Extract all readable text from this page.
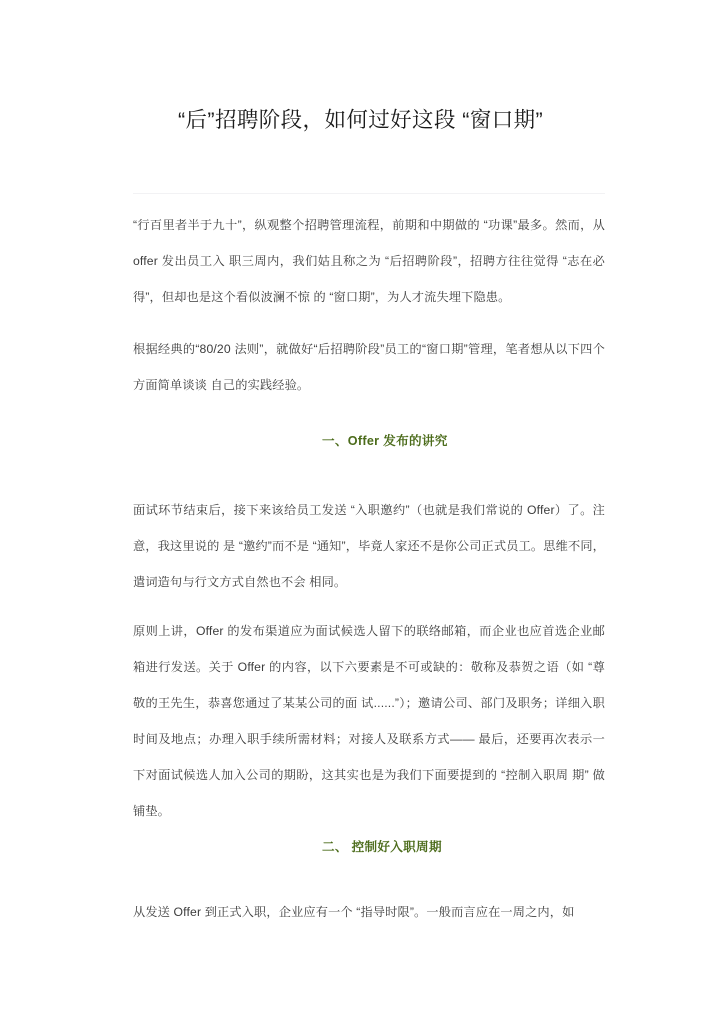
“后”招聘阶段，如何过好这段 “窗口期”

“行百里者半于九十”，纵观整个招聘管理流程，前期和中期做的 “功课”最多。然而，从 offer 发出员工入 职三周内，我们姑且称之为 “后招聘阶段”，招聘方往往觉得 “志在必得”，但却也是这个看似波澜不惊 的 “窗口期”，为人才流失埋下隐患。

根据经典的“80/20 法则”，就做好“后招聘阶段”员工的“窗口期”管理，笔者想从以下四个方面简单谈谈 自己的实践经验。

一、Offer 发布的讲究

面试环节结束后，接下来该给员工发送 “入职邀约”（也就是我们常说的 Offer）了。注意，我这里说的 是 “邀约”而不是 “通知”，毕竟人家还不是你公司正式员工。思维不同，遣词造句与行文方式自然也不会 相同。

原则上讲，Offer 的发布渠道应为面试候选人留下的联络邮箱，而企业也应首选企业邮箱进行发送。关于 Offer 的内容，以下六要素是不可或缺的：敬称及恭贺之语（如 “尊敬的王先生，恭喜您通过了某某公司的面 试......”）；邀请公司、部门及职务；详细入职时间及地点；办理入职手续所需材料；对接人及联系方式—— 最后，还要再次表示一下对面试候选人加入公司的期盼，这其实也是为我们下面要提到的 “控制入职周 期” 做铺垫。

二、 控制好入职周期

从发送 Offer 到正式入职，企业应有一个 “指导时限”。一般而言应在一周之内，如
